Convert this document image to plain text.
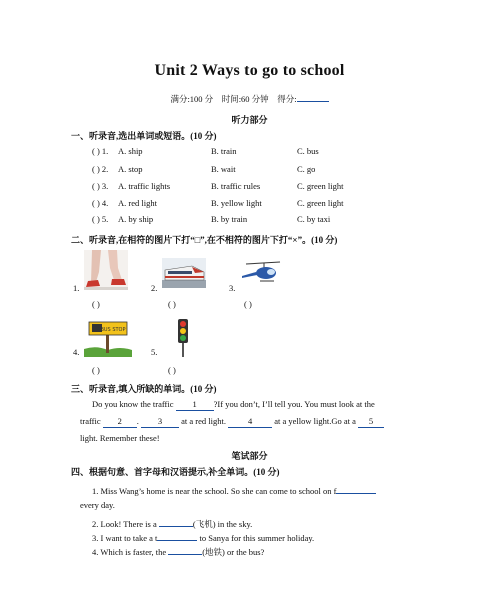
Unit 2 Ways to go to school
满分:100 分 时间:60 分钟 得分:
听力部分
一、听录音,选出单词或短语。(10 分)
( ) 1. A. ship	B. train	C. bus
( ) 2. A. stop	B. wait	C. go
( ) 3. A. traffic lights	B. traffic rules	C. green light
( ) 4. A. red light	B. yellow light	C. green light
( ) 5. A. by ship	B. by train	C. by taxi
二、听录音,在相符的图片下打“□”,在不相符的图片下打“×”。(10 分)
1.	2.	3.
( )	( )	( )
BUS STOP
4.	5.
( )	( )
三、听录音,填入所缺的单词。(10 分)
Do you know the traffic 1 ?If you don’t, I’ll tell you. You must look at the
traffic 2 . 3 at a red light.	4	at a yellow light.Go at a 5
light. Remember these!
笔试部分
四、根据句意、首字母和汉语提示,补全单词。(10 分)
1. Miss Wang’s home is near the school. So she can come to school on f
every day.
2. Look! There is a	(飞机) in the sky.
3. I want to take a t	to Sanya for this summer holiday.
4. Which is faster, the	(地铁) or the bus?
